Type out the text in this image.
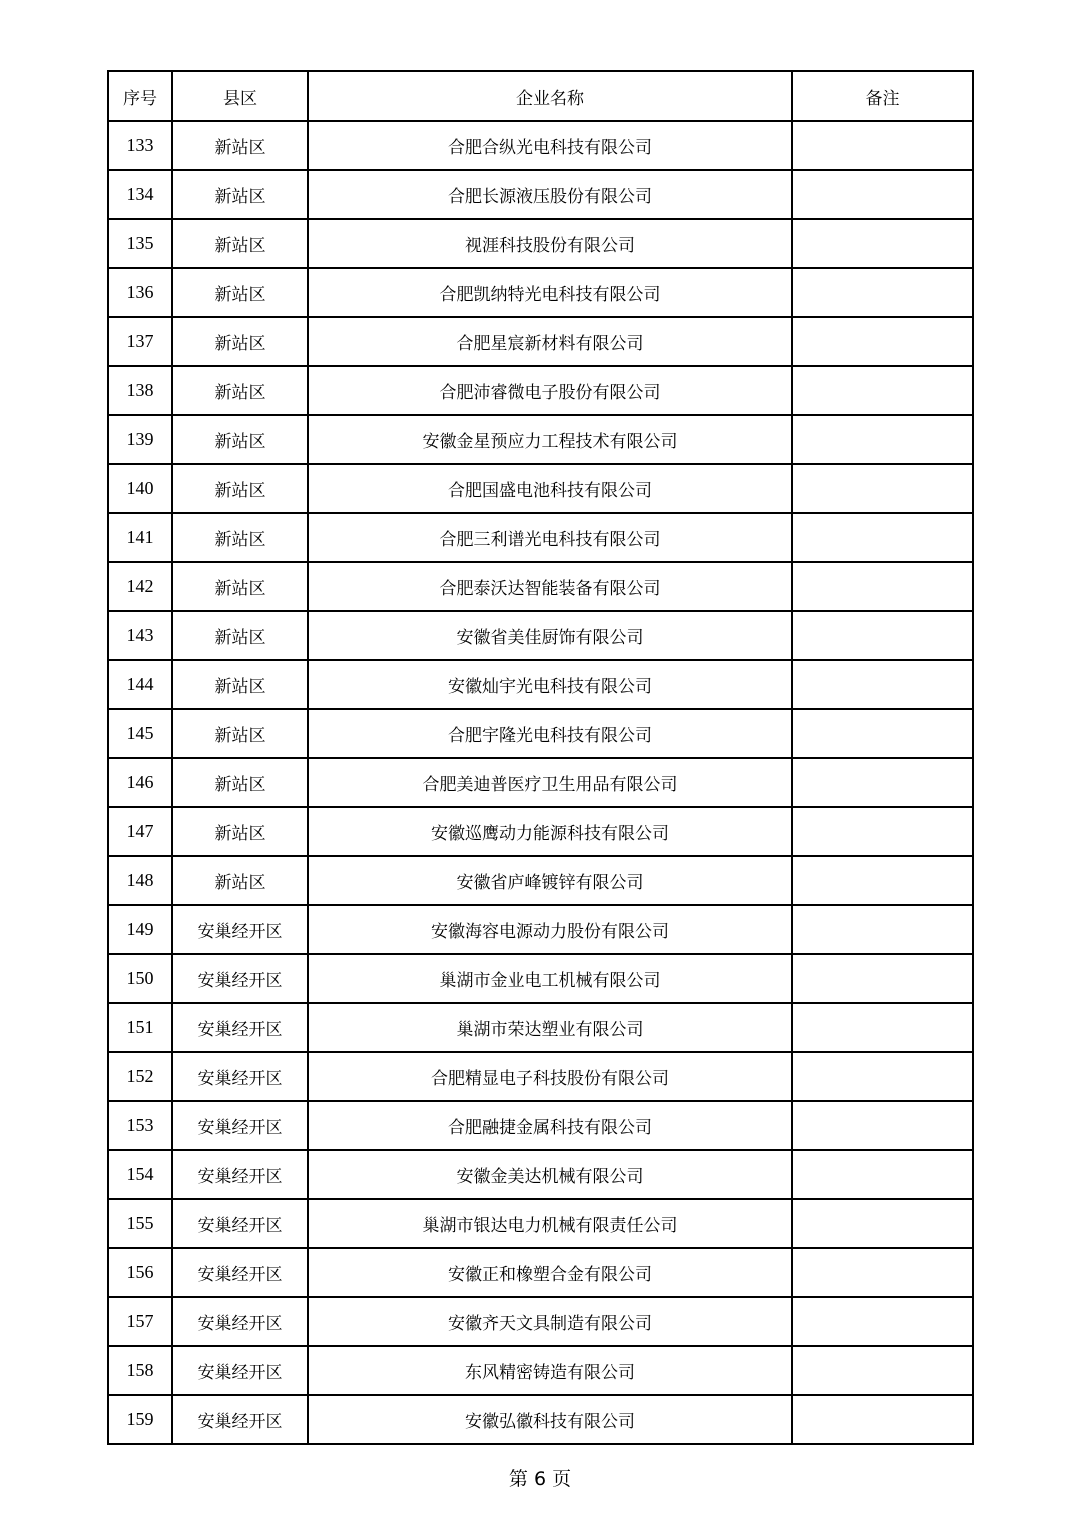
序号	县区	企业名称	备注
133	新站区	合肥合纵光电科技有限公司	
134	新站区	合肥长源液压股份有限公司	
135	新站区	视涯科技股份有限公司	
136	新站区	合肥凯纳特光电科技有限公司	
137	新站区	合肥星宸新材料有限公司	
138	新站区	合肥沛睿微电子股份有限公司	
139	新站区	安徽金星预应力工程技术有限公司	
140	新站区	合肥国盛电池科技有限公司	
141	新站区	合肥三利谱光电科技有限公司	
142	新站区	合肥泰沃达智能装备有限公司	
143	新站区	安徽省美佳厨饰有限公司	
144	新站区	安徽灿宇光电科技有限公司	
145	新站区	合肥宇隆光电科技有限公司	
146	新站区	合肥美迪普医疗卫生用品有限公司	
147	新站区	安徽巡鹰动力能源科技有限公司	
148	新站区	安徽省庐峰镀锌有限公司	
149	安巢经开区	安徽海容电源动力股份有限公司	
150	安巢经开区	巢湖市金业电工机械有限公司	
151	安巢经开区	巢湖市荣达塑业有限公司	
152	安巢经开区	合肥精显电子科技股份有限公司	
153	安巢经开区	合肥融捷金属科技有限公司	
154	安巢经开区	安徽金美达机械有限公司	
155	安巢经开区	巢湖市银达电力机械有限责任公司	
156	安巢经开区	安徽正和橡塑合金有限公司	
157	安巢经开区	安徽齐天文具制造有限公司	
158	安巢经开区	东风精密铸造有限公司	
159	安巢经开区	安徽弘徽科技有限公司	
第 6 页
